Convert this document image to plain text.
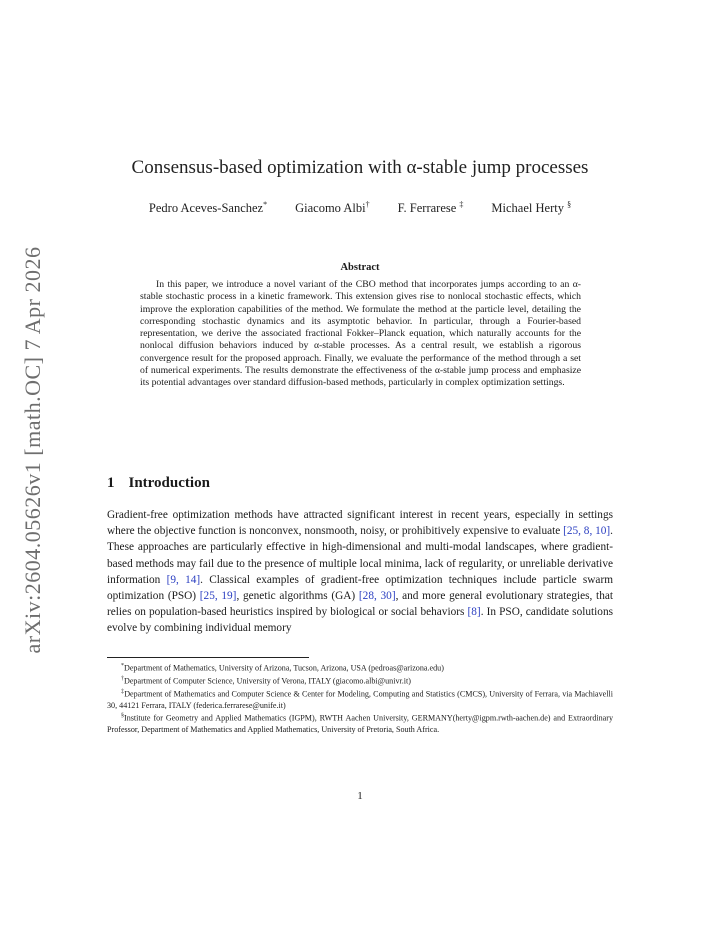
arXiv:2604.05626v1 [math.OC] 7 Apr 2026
Consensus-based optimization with α-stable jump processes
Pedro Aceves-Sanchez* Giacomo Albi† F. Ferrarese ‡ Michael Herty §
Abstract
In this paper, we introduce a novel variant of the CBO method that incorporates jumps according to an α-stable stochastic process in a kinetic framework. This extension gives rise to nonlocal stochastic effects, which improve the exploration capabilities of the method. We formulate the method at the particle level, detailing the corresponding stochastic dynamics and its asymptotic behavior. In particular, through a Fourier-based representation, we derive the associated fractional Fokker–Planck equation, which naturally accounts for the nonlocal diffusion behaviors induced by α-stable processes. As a central result, we establish a rigorous convergence result for the proposed approach. Finally, we evaluate the performance of the method through a set of numerical experiments. The results demonstrate the effectiveness of the α-stable jump process and emphasize its potential advantages over standard diffusion-based methods, particularly in complex optimization settings.
1 Introduction
Gradient-free optimization methods have attracted significant interest in recent years, especially in settings where the objective function is nonconvex, nonsmooth, noisy, or prohibitively expensive to evaluate [25, 8, 10]. These approaches are particularly effective in high-dimensional and multi-modal landscapes, where gradient-based methods may fail due to the presence of multiple local minima, lack of regularity, or unreliable derivative information [9, 14]. Classical examples of gradient-free optimization techniques include particle swarm optimization (PSO) [25, 19], genetic algorithms (GA) [28, 30], and more general evolutionary strategies, that relies on population-based heuristics inspired by biological or social behaviors [8]. In PSO, candidate solutions evolve by combining individual memory

*Department of Mathematics, University of Arizona, Tucson, Arizona, USA (pedroas@arizona.edu)

†Department of Computer Science, University of Verona, ITALY (giacomo.albi@univr.it)

‡Department of Mathematics and Computer Science & Center for Modeling, Computing and Statistics (CMCS), University of Ferrara, via Machiavelli 30, 44121 Ferrara, ITALY (federica.ferrarese@unife.it)

§Institute for Geometry and Applied Mathematics (IGPM), RWTH Aachen University, GERMANY(herty@igpm.rwth-aachen.de) and Extraordinary Professor, Department of Mathematics and Applied Mathematics, University of Pretoria, South Africa.

1
